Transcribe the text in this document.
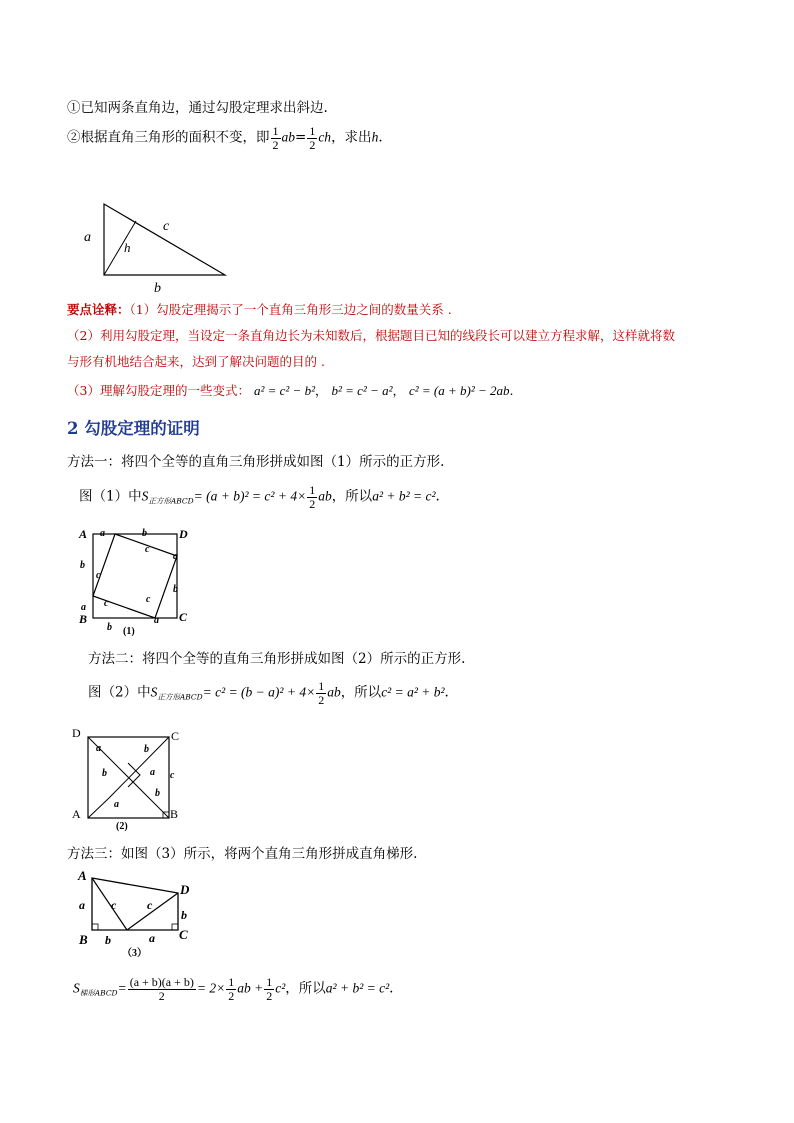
①已知两条直角边，通过勾股定理求出斜边.
②根据直角三角形的面积不变，即 $\frac{1}{2} ab= \frac{1}{2}$ ch，求出h.
a
c
h
b
要点诠释：（1）勾股定理揭示了一个直角三角形三边之间的数量关系 .
（2）利用勾股定理，当设定一条直角边长为未知数后，根据题目已知的线段长可以建立方程求解，这样就将数
与形有机地结合起来，达到了解决问题的目的 .
（3）理解勾股定理的一些变式： a² = c² − b²， b² = c² − a²， c² = (a + b)² − 2ab.
2 勾股定理的证明
方法一：将四个全等的直角三角形拼成如图（1）所示的正方形.
图（1）中$S_{正方形ABCD}= (a + b)^2 = c^2 + 4\times \frac{1}{2}$ ab，所以a² + b² = c².
A	D
C
B
a	b
b
a
a
b
b
a
c
c
c
c
(1)
方法二：将四个全等的直角三角形拼成如图（2）所示的正方形.
图（2）中$S_{正方形ABCD}= c^2 = (b - a)^2 + 4\times \frac{1}{2}$ ab，所以c² = a² + b².
D	C
A	B
a
b
b
a c
a
b
(2)
方法三：如图（3）所示，将两个直角三角形拼成直角梯形.
A
D
B	C
a c	c
b
b	a
（3）
$S_{梯形ABCD}= \frac{(a + b)(a + b)}{2} = 2\times \frac{1}{2}$ ab + $\frac{1}{2} c^2$，所以a² + b² = c².
